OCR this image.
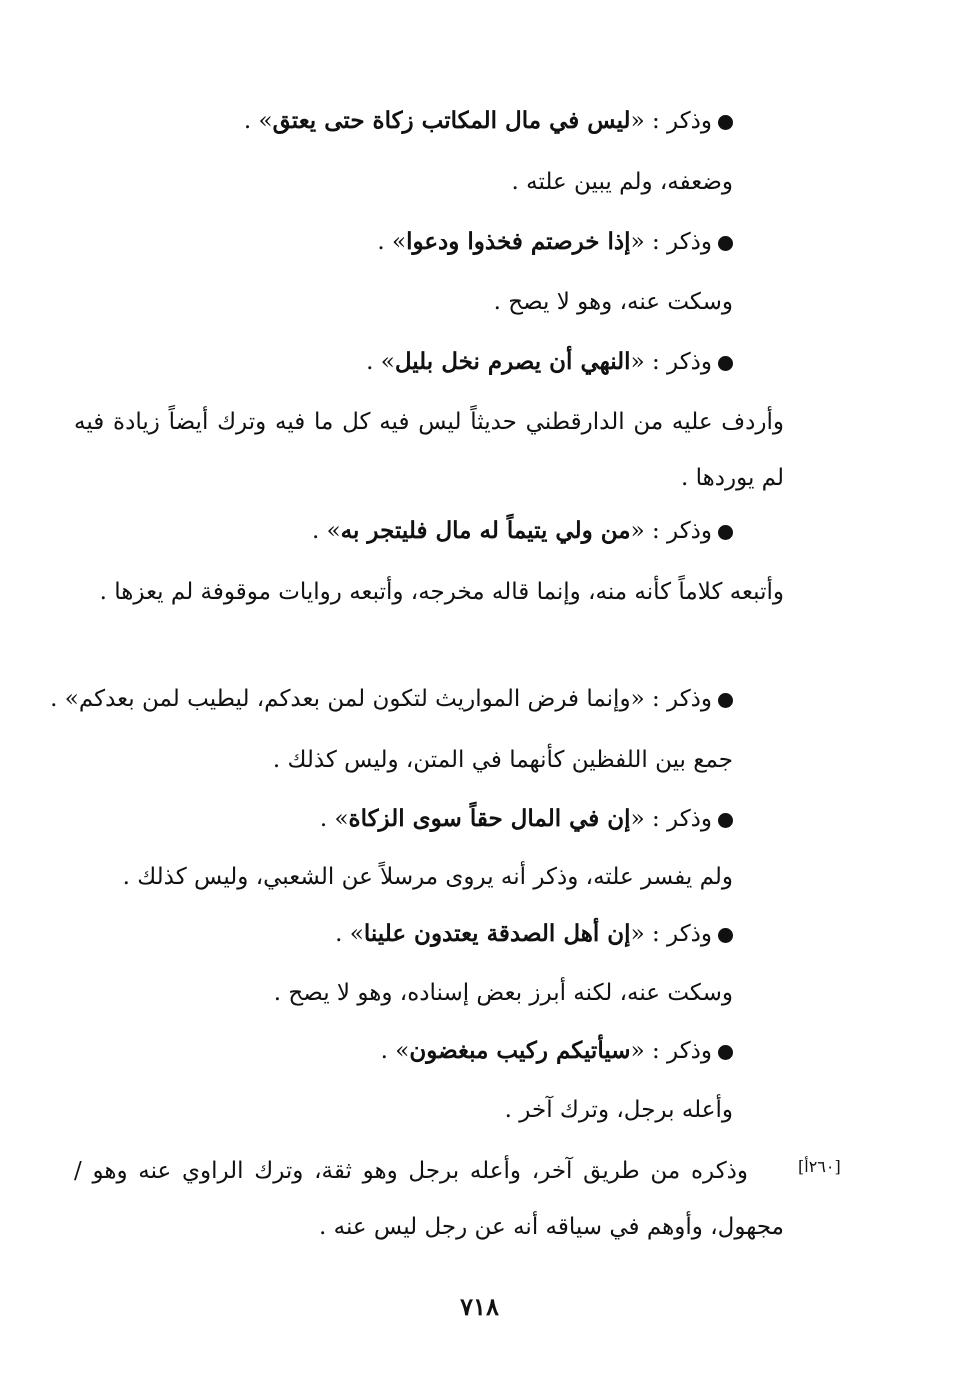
وذكر : «ليس في مال المكاتب زكاة حتى يعتق» .
وضعفه، ولم يبين علته .
وذكر : «إذا خرصتم فخذوا ودعوا» .
وسكت عنه، وهو لا يصح .
وذكر : «النهي أن يصرم نخل بليل» .
وأردف عليه من الدارقطني حديثاً ليس فيه كل ما فيه وترك أيضاً زيادة فيه لم يوردها .
وذكر : «من ولي يتيماً له مال فليتجر به» .
وأتبعه كلاماً كأنه منه، وإنما قاله مخرجه، وأتبعه روايات موقوفة لم يعزها .
وذكر : «وإنما فرض المواريث لتكون لمن بعدكم، ليطيب لمن بعدكم» .
جمع بين اللفظين كأنهما في المتن، وليس كذلك .
وذكر : «إن في المال حقاً سوى الزكاة» .
ولم يفسر علته، وذكر أنه يروى مرسلاً عن الشعبي، وليس كذلك .
وذكر : «إن أهل الصدقة يعتدون علينا» .
وسكت عنه، لكنه أبرز بعض إسناده، وهو لا يصح .
وذكر : «سيأتيكم ركيب مبغضون» .
وأعله برجل، وترك آخر .
وذكره من طريق آخر، وأعله برجل وهو ثقة، وترك الراوي عنه وهو / مجهول، وأوهم في سياقه أنه عن رجل ليس عنه .
[٢٦٠أ]
٧١٨
